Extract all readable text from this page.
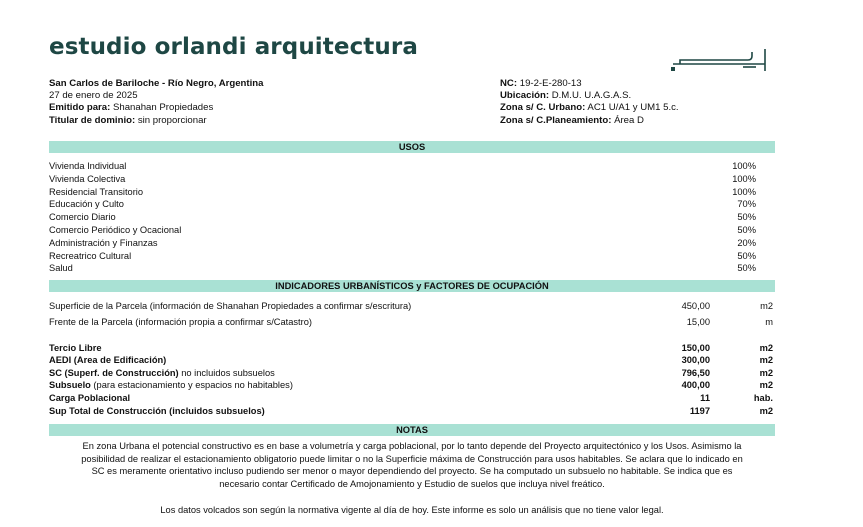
estudio orlandi arquitectura
San Carlos de Bariloche - Río Negro, Argentina
27 de enero de 2025
Emitido para: Shanahan Propiedades
Titular de dominio: sin proporcionar
NC: 19-2-E-280-13
Ubicación: D.M.U. U.A.G.A.S.
Zona s/ C. Urbano: AC1 U/A1 y UM1 5.c.
Zona s/ C.Planeamiento: Área D
USOS
Vivienda Individual	100%
Vivienda Colectiva	100%
Residencial Transitorio	100%
Educación y Culto	70%
Comercio Diario	50%
Comercio Periódico y Ocacional	50%
Administración y Finanzas	20%
Recreatrico Cultural	50%
Salud	50%
INDICADORES URBANÍSTICOS y FACTORES DE OCUPACIÓN
Superficie de la Parcela (información de Shanahan Propiedades a confirmar s/escritura)	450,00	m2
Frente de la Parcela (información propia a confirmar s/Catastro)	15,00	m
Tercio Libre	150,00	m2
AEDI (Area de Edificación)	300,00	m2
SC (Superf. de Construcción) no incluidos subsuelos	796,50	m2
Subsuelo (para estacionamiento y espacios no habitables)	400,00	m2
Carga Poblacional	11	hab.
Sup Total de Construcción (incluidos subsuelos)	1197	m2
NOTAS
En zona Urbana el potencial constructivo es en base a volumetría y carga poblacional, por lo tanto depende del Proyecto arquitectónico y los Usos. Asimismo la
posibilidad de realizar el estacionamiento obligatorio puede limitar o no la Superficie máxima de Construcción para usos habitables. Se aclara que lo indicado en
SC es meramente orientativo incluso pudiendo ser menor o mayor dependiendo del proyecto. Se ha computado un subsuelo no habitable. Se indica que es
necesario contar Certificado de Amojonamiento y Estudio de suelos que incluya nivel freático.
Los datos volcados son según la normativa vigente al día de hoy. Este informe es solo un análisis que no tiene valor legal.
